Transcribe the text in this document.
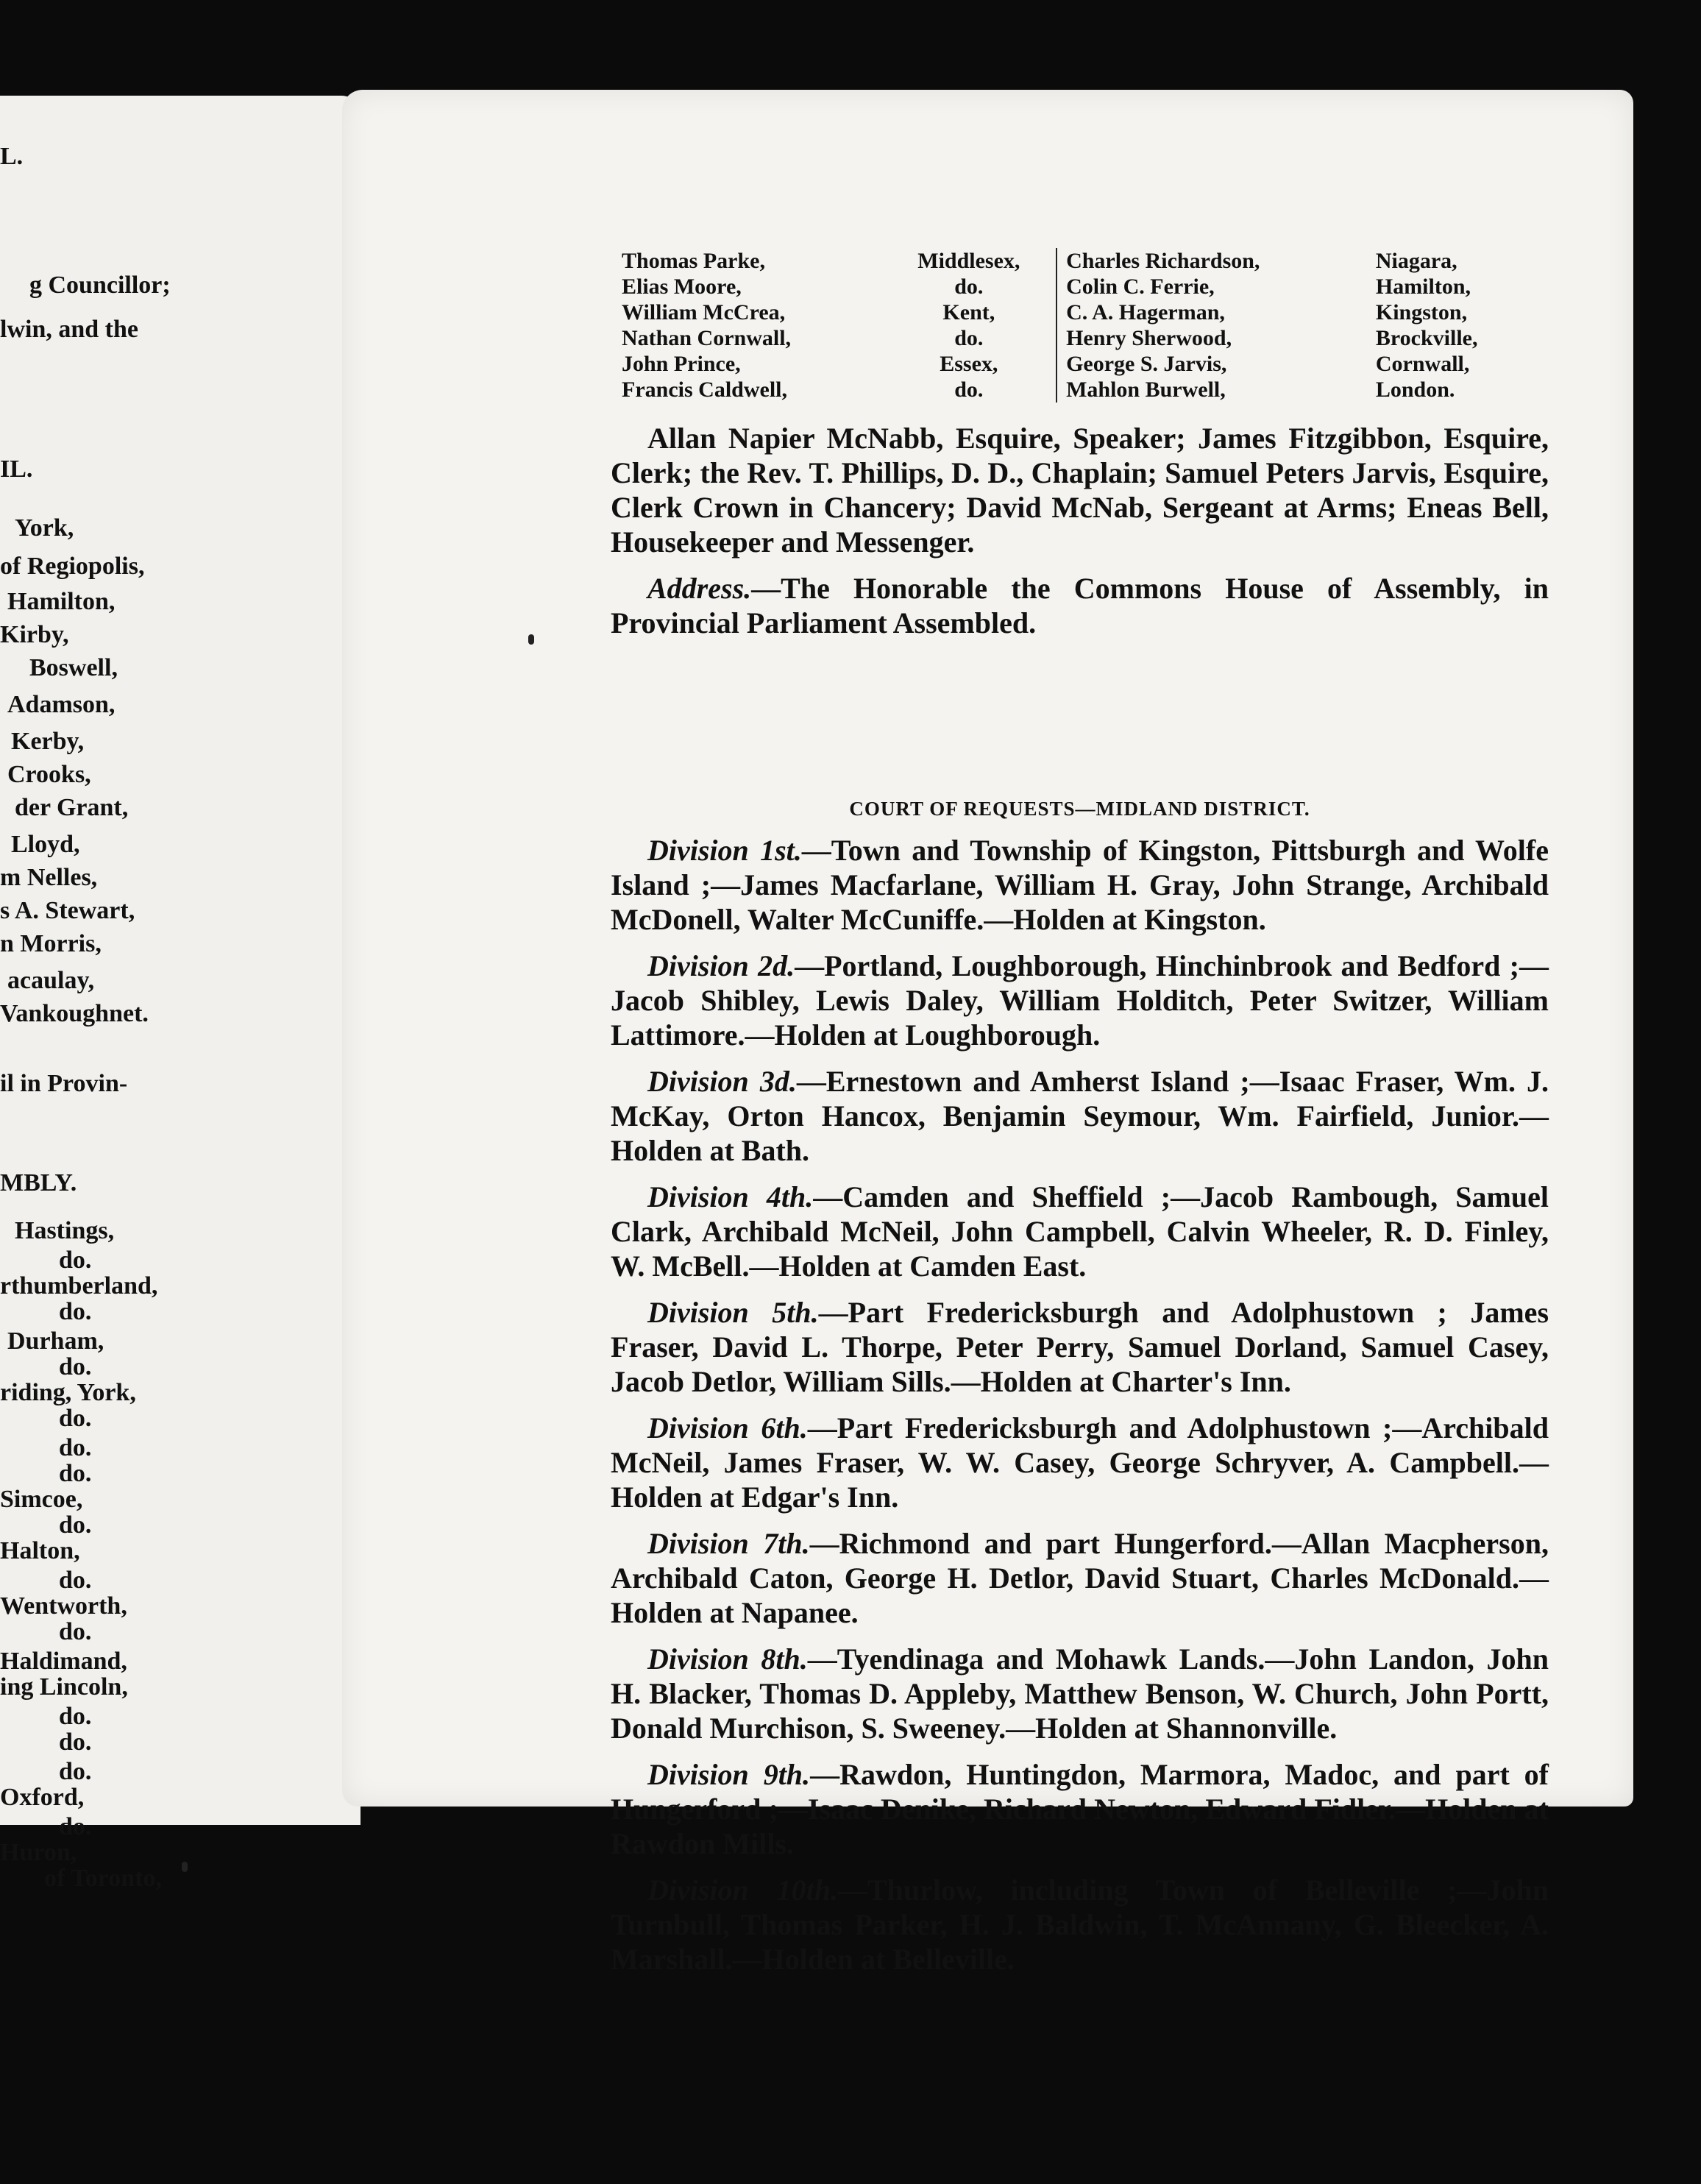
L.
g Councillor;
lwin, and the
IL.
York,
of Regiopolis,
Hamilton,
Kirby,
Boswell,
Adamson,
Kerby,
Crooks,
der Grant,
Lloyd,
m Nelles,
s A. Stewart,
n Morris,
acaulay,
Vankoughnet.
il in Provin-
MBLY.
Hastings,
do.
rthumberland,
do.
Durham,
do.
riding, York,
do.
do.
do.
Simcoe,
do.
Halton,
do.
Wentworth,
do.
Haldimand,
ing Lincoln,
do.
do.
do.
Oxford,
do.
Huron,
of Toronto,
Thomas Parke,	Middlesex,	Charles Richardson,	Niagara,
Elias Moore,	do.	Colin C. Ferrie,	Hamilton,
William McCrea,	Kent,	C. A. Hagerman,	Kingston,
Nathan Cornwall,	do.	Henry Sherwood,	Brockville,
John Prince,	Essex,	George S. Jarvis,	Cornwall,
Francis Caldwell,	do.	Mahlon Burwell,	London.

Allan Napier McNabb, Esquire, Speaker; James Fitzgibbon, Esquire, Clerk; the Rev. T. Phillips, D. D., Chaplain; Samuel Peters Jarvis, Esquire, Clerk Crown in Chancery; David McNab, Sergeant at Arms; Eneas Bell, Housekeeper and Messenger.

Address.—The Honorable the Commons House of Assembly, in Provincial Parliament Assembled.

COURT OF REQUESTS—MIDLAND DISTRICT.

Division 1st.—Town and Township of Kingston, Pittsburgh and Wolfe Island ;—James Macfarlane, William H. Gray, John Strange, Archibald McDonell, Walter McCuniffe.—Holden at Kingston.

Division 2d.—Portland, Loughborough, Hinchinbrook and Bedford ;—Jacob Shibley, Lewis Daley, William Holditch, Peter Switzer, William Lattimore.—Holden at Loughborough.

Division 3d.—Ernestown and Amherst Island ;—Isaac Fraser, Wm. J. McKay, Orton Hancox, Benjamin Seymour, Wm. Fairfield, Junior.—Holden at Bath.

Division 4th.—Camden and Sheffield ;—Jacob Rambough, Samuel Clark, Archibald McNeil, John Campbell, Calvin Wheeler, R. D. Finley, W. McBell.—Holden at Camden East.

Division 5th.—Part Fredericksburgh and Adolphustown ; James Fraser, David L. Thorpe, Peter Perry, Samuel Dorland, Samuel Casey, Jacob Detlor, William Sills.—Holden at Charter's Inn.

Division 6th.—Part Fredericksburgh and Adolphustown ;—Archibald McNeil, James Fraser, W. W. Casey, George Schryver, A. Campbell.—Holden at Edgar's Inn.

Division 7th.—Richmond and part Hungerford.—Allan Macpherson, Archibald Caton, George H. Detlor, David Stuart, Charles McDonald.—Holden at Napanee.

Division 8th.—Tyendinaga and Mohawk Lands.—John Landon, John H. Blacker, Thomas D. Appleby, Matthew Benson, W. Church, John Portt, Donald Murchison, S. Sweeney.—Holden at Shannonville.

Division 9th.—Rawdon, Huntingdon, Marmora, Madoc, and part of Hungerford ;—Isaac Denike, Richard Newton, Edward Fidler.—Holden at Rawdon Mills.

Division 10th.—Thurlow, including Town of Belleville ;—John Turnbull, Thomas Parker, H. J. Baldwin, T. McAnnany, G. Bleecker, A. Marshall.—Holden at Belleville.
